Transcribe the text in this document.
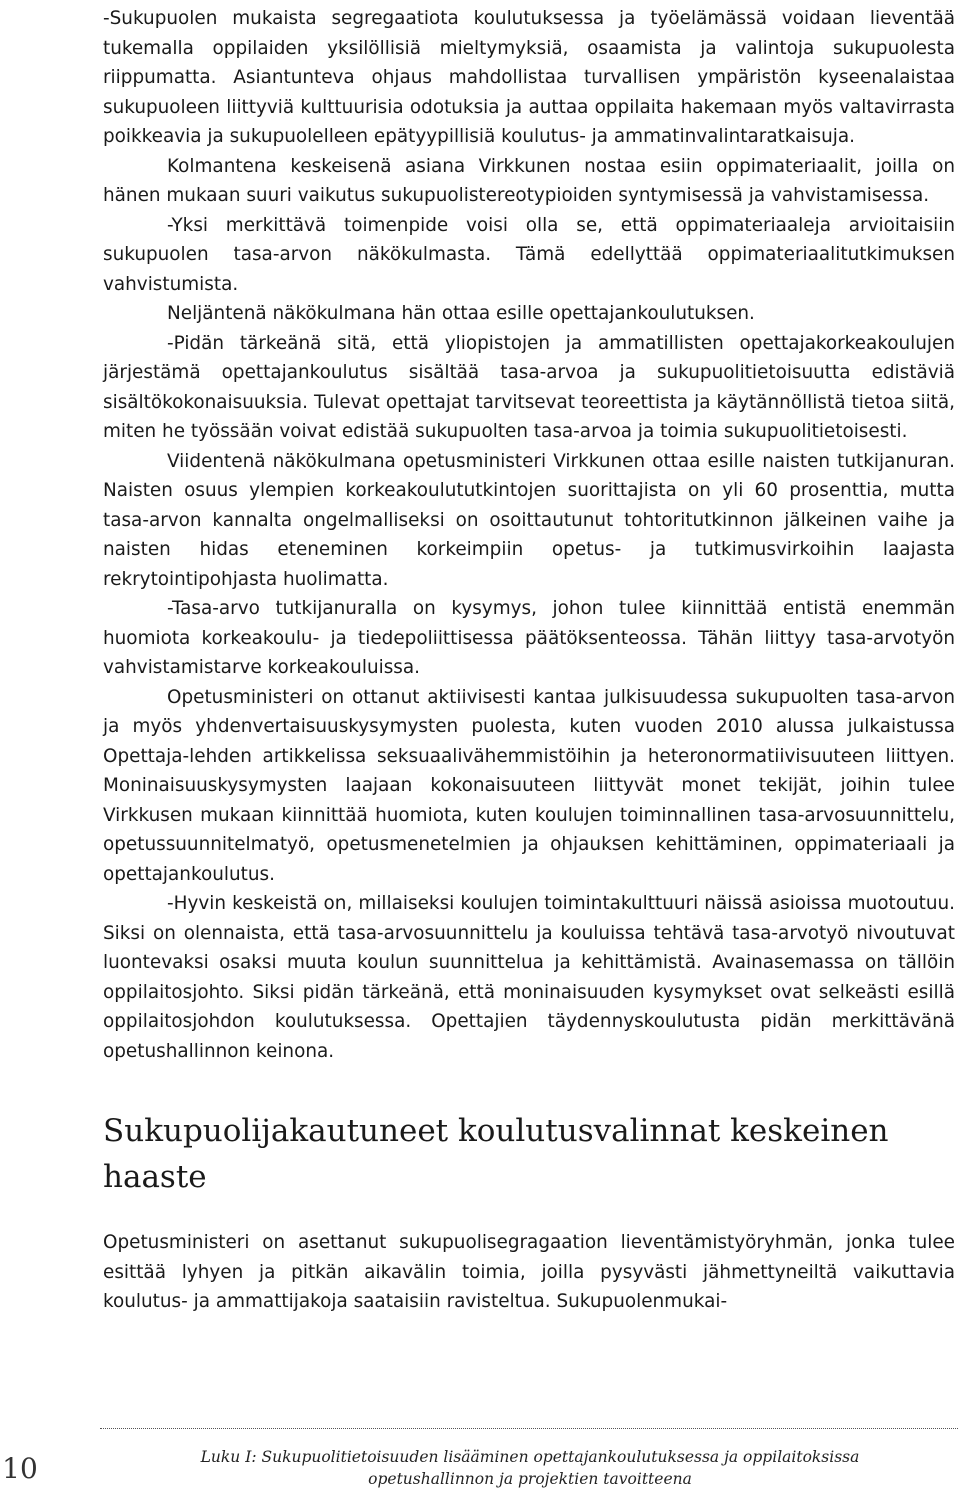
-Sukupuolen mukaista segregaatiota koulutuksessa ja työelämässä voidaan lieventää tukemalla oppilaiden yksilöllisiä mieltymyksiä, osaamista ja valintoja sukupuolesta riippumatta. Asiantunteva ohjaus mahdollistaa turvallisen ympäristön kyseenalaistaa sukupuoleen liittyviä kulttuurisia odotuksia ja auttaa oppilaita hakemaan myös valtavirrasta poikkeavia ja sukupuolelleen epätyypillisiä koulutus- ja ammatinvalintaratkaisuja.

Kolmantena keskeisenä asiana Virkkunen nostaa esiin oppimateriaalit, joilla on hänen mukaan suuri vaikutus sukupuolistereotypioiden syntymisessä ja vahvistamisessa.

-Yksi merkittävä toimenpide voisi olla se, että oppimateriaaleja arvioitaisiin sukupuolen tasa-arvon näkökulmasta. Tämä edellyttää oppimateriaalitutkimuksen vahvistumista.

Neljäntenä näkökulmana hän ottaa esille opettajankoulutuksen.

-Pidän tärkeänä sitä, että yliopistojen ja ammatillisten opettajakorkeakoulujen järjestämä opettajankoulutus sisältää tasa-arvoa ja sukupuolitietoisuutta edistäviä sisältökokonaisuuksia. Tulevat opettajat tarvitsevat teoreettista ja käytännöllistä tietoa siitä, miten he työssään voivat edistää sukupuolten tasa-arvoa ja toimia sukupuolitietoisesti.

Viidentenä näkökulmana opetusministeri Virkkunen ottaa esille naisten tutkijanuran. Naisten osuus ylempien korkeakoulututkintojen suorittajista on yli 60 prosenttia, mutta tasa-arvon kannalta ongelmalliseksi on osoittautunut tohtoritutkinnon jälkeinen vaihe ja naisten hidas eteneminen korkeimpiin opetus- ja tutkimusvirkoihin laajasta rekrytointipohjasta huolimatta.

-Tasa-arvo tutkijanuralla on kysymys, johon tulee kiinnittää entistä enemmän huomiota korkeakoulu- ja tiedepoliittisessa päätöksenteossa. Tähän liittyy tasa-arvotyön vahvistamistarve korkeakouluissa.

Opetusministeri on ottanut aktiivisesti kantaa julkisuudessa sukupuolten tasa-arvon ja myös yhdenvertaisuuskysymysten puolesta, kuten vuoden 2010 alussa julkaistussa Opettaja-lehden artikkelissa seksuaalivähemmistöihin ja heteronormatiivisuuteen liittyen. Moninaisuuskysymysten laajaan kokonaisuuteen liittyvät monet tekijät, joihin tulee Virkkusen mukaan kiinnittää huomiota, kuten koulujen toiminnallinen tasa-arvosuunnittelu, opetussuunnitelmatyö, opetusmenetelmien ja ohjauksen kehittäminen, oppimateriaali ja opettajankoulutus.

-Hyvin keskeistä on, millaiseksi koulujen toimintakulttuuri näissä asioissa muotoutuu. Siksi on olennaista, että tasa-arvosuunnittelu ja kouluissa tehtävä tasa-arvotyö nivoutuvat luontevaksi osaksi muuta koulun suunnittelua ja kehittämistä. Avainasemassa on tällöin oppilaitosjohto. Siksi pidän tärkeänä, että moninaisuuden kysymykset ovat selkeästi esillä oppilaitosjohdon koulutuksessa. Opettajien täydennyskoulutusta pidän merkittävänä opetushallinnon keinona.

Sukupuolijakautuneet koulutusvalinnat keskeinen haaste

Opetusministeri on asettanut sukupuolisegragaation lieventämistyöryhmän, jonka tulee esittää lyhyen ja pitkän aikavälin toimia, joilla pysyvästi jähmettyneiltä vaikuttavia koulutus- ja ammattijakoja saataisiin ravisteltua. Sukupuolenmukai-

Luku I: Sukupuolitietoisuuden lisääminen opettajankoulutuksessa ja oppilaitoksissa
opetushallinnon ja projektien tavoitteena
10
